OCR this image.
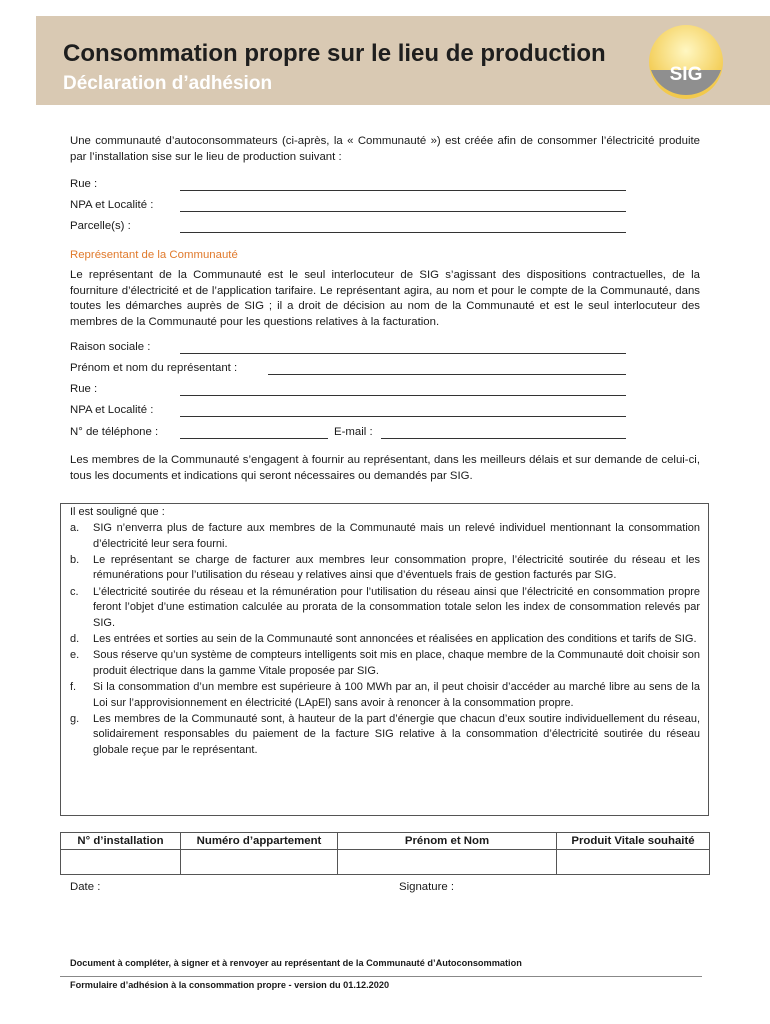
Consommation propre sur le lieu de production
Déclaration d’adhésion	SIG

Une communauté d’autoconsommateurs (ci-après, la « Communauté ») est créée afin de consommer l’électricité produite par l’installation sise sur le lieu de production suivant :

Rue :
NPA et Localité :
Parcelle(s) :
Représentant de la Communauté

Le représentant de la Communauté est le seul interlocuteur de SIG s’agissant des dispositions contractuelles, de la fourniture d’électricité et de l’application tarifaire. Le représentant agira, au nom et pour le compte de la Communauté, dans toutes les démarches auprès de SIG ; il a droit de décision au nom de la Communauté et est le seul interlocuteur des membres de la Communauté pour les questions relatives à la facturation.

Raison sociale :
Prénom et nom du représentant :
Rue :
NPA et Localité :
N° de téléphone :	E-mail :

Les membres de la Communauté s’engagent à fournir au représentant, dans les meilleurs délais et sur demande de celui-ci, tous les documents et indications qui seront nécessaires ou demandés par SIG.

Il est souligné que :
a. SIG n’enverra plus de facture aux membres de la Communauté mais un relevé individuel mentionnant la consommation d’électricité leur sera fourni.
b. Le représentant se charge de facturer aux membres leur consommation propre, l’électricité soutirée du réseau et les rémunérations pour l’utilisation du réseau y relatives ainsi que d’éventuels frais de gestion facturés par SIG.
c. L’électricité soutirée du réseau et la rémunération pour l’utilisation du réseau ainsi que l’électricité en consommation propre feront l’objet d’une estimation calculée au prorata de la consommation totale selon les index de consommation relevés par SIG.
d. Les entrées et sorties au sein de la Communauté sont annoncées et réalisées en application des conditions et tarifs de SIG.
e. Sous réserve qu’un système de compteurs intelligents soit mis en place, chaque membre de la Communauté doit choisir son produit électrique dans la gamme Vitale proposée par SIG.
f. Si la consommation d’un membre est supérieure à 100 MWh par an, il peut choisir d’accéder au marché libre au sens de la Loi sur l’approvisionnement en électricité (LApEl) sans avoir à renoncer à la consommation propre.
g. Les membres de la Communauté sont, à hauteur de la part d’énergie que chacun d’eux soutire individuellement du réseau, solidairement responsables du paiement de la facture SIG relative à la consommation d’électricité soutirée du réseau globale reçue par le représentant.
N° d’installation	Numéro d’appartement	Prénom et Nom	Produit Vitale souhaité

Date :	Signature :
Document à compléter, à signer et à renvoyer au représentant de la Communauté d’Autoconsommation
Formulaire d’adhésion à la consommation propre - version du 01.12.2020
